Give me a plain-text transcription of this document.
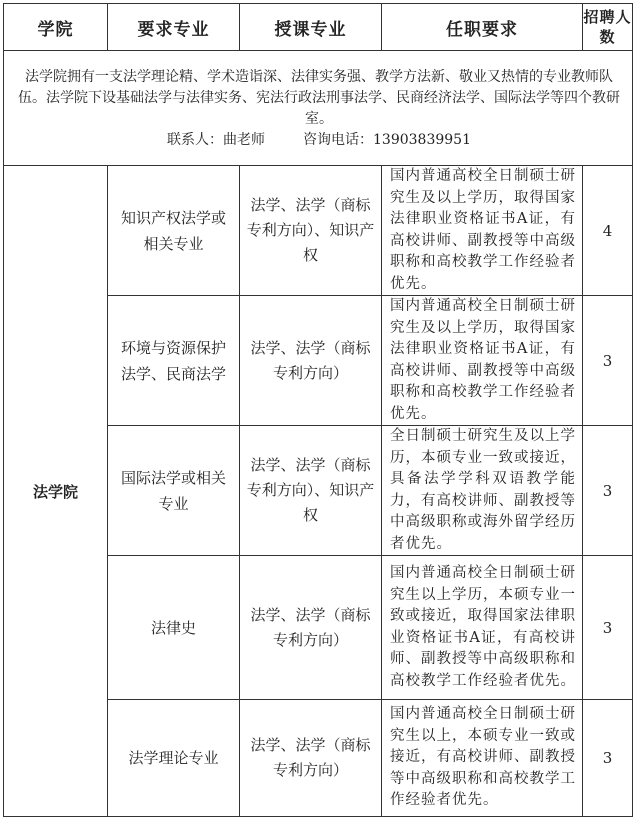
学院	要求专业	授课专业	任职要求	招聘人数
法学院拥有一支法学理论精、学术造诣深、法律实务强、教学方法新、敬业又热情的专业教师队伍。法学院下设基础法学与法律实务、宪法行政法刑事法学、民商经济法学、国际法学等四个教研室。
联系人：曲老师 咨询电话：13903839951				

法学院	知识产权法学或相关专业	法学、法学（商标专利方向）、知识产权	国内普通高校全日制硕士研究生及以上学历，取得国家法律职业资格证书A证，有高校讲师、副教授等中高级职称和高校教学工作经验者优先。	4
	环境与资源保护法学、民商法学	法学、法学（商标专利方向）	国内普通高校全日制硕士研究生及以上学历，取得国家法律职业资格证书A证，有高校讲师、副教授等中高级职称和高校教学工作经验者优先。	3
	国际法学或相关专业	法学、法学（商标专利方向）、知识产权	全日制硕士研究生及以上学历，本硕专业一致或接近，具备法学学科双语教学能力，有高校讲师、副教授等中高级职称或海外留学经历者优先。	3
	法律史	法学、法学（商标专利方向）	国内普通高校全日制硕士研究生以上学历，本硕专业一致或接近，取得国家法律职业资格证书A证，有高校讲师、副教授等中高级职称和高校教学工作经验者优先。	3
	法学理论专业	法学、法学（商标专利方向）	国内普通高校全日制硕士研究生以上，本硕专业一致或接近，有高校讲师、副教授等中高级职称和高校教学工作经验者优先。	3
